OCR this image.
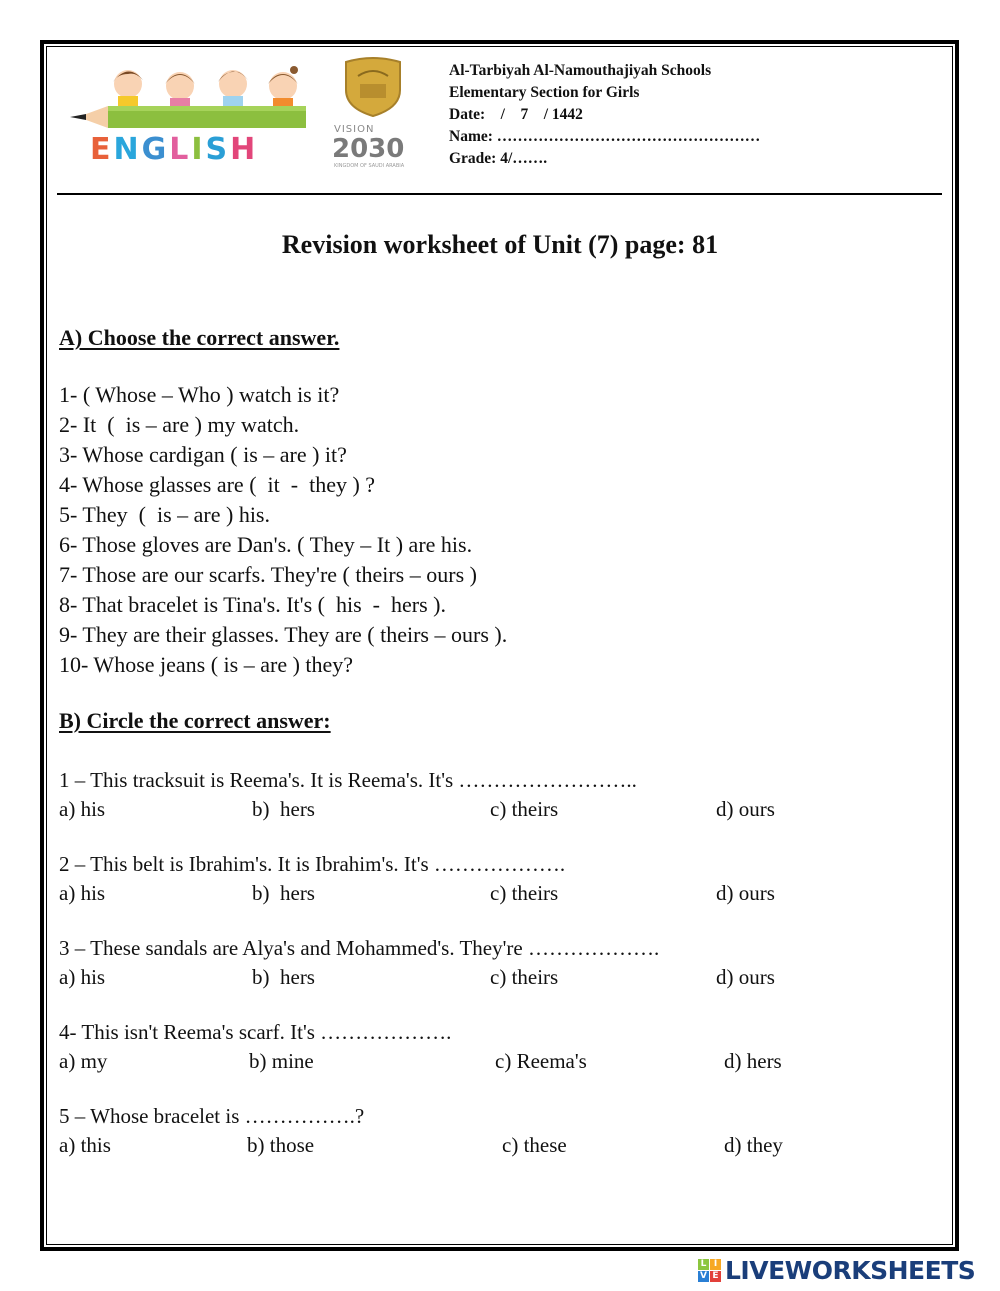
ENGLISH
VISION
2030
KINGDOM OF SAUDI ARABIA
Al-Tarbiyah Al-Namouthajiyah Schools
Elementary Section for Girls
Date:    /    7    / 1442
Name: ……………………………………………
Grade: 4/…….
Revision worksheet of Unit (7) page: 81
A) Choose the correct answer.
1- ( Whose – Who ) watch is it?
2- It  (  is – are ) my watch.
3- Whose cardigan ( is – are ) it?
4- Whose glasses are (  it  -  they ) ?
5- They  (  is – are ) his.
6- Those gloves are Dan's. ( They – It ) are his.
7- Those are our scarfs. They're ( theirs – ours )
8- That bracelet is Tina's. It's (  his  -  hers ).
9- They are their glasses. They are ( theirs – ours ).
10- Whose jeans ( is – are ) they?
B) Circle the correct answer:
1 – This tracksuit is Reema's. It is Reema's. It's ……………………..
a) his	b)  hers	c) theirs	d) ours
2 – This belt is Ibrahim's. It is Ibrahim's. It's ……………….
a) his	b)  hers	c) theirs	d) ours
3 – These sandals are Alya's and Mohammed's. They're ……………….
a) his	b)  hers	c) theirs	d) ours
4- This isn't Reema's scarf. It's ……………….
a) my	b) mine	c) Reema's	d) hers
5 – Whose bracelet is …………….?
a) this	b) those	c) these	d) they
L I
V E LIVEWORKSHEETS
